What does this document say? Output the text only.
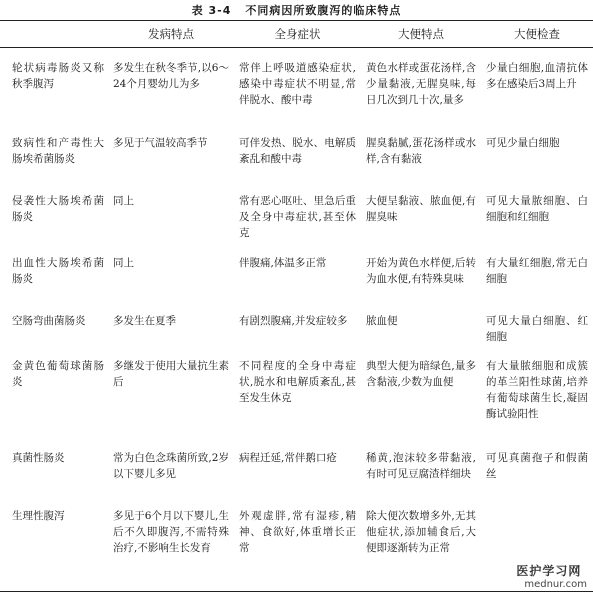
表 3-4 不同病因所致腹泻的临床特点
	发病特点	全身症状	大便特点	大便检查
轮状病毒肠炎又称秋季腹泻	多发生在秋冬季节,以6～24个月婴幼儿为多	常伴上呼吸道感染症状,感染中毒症状不明显,常伴脱水、酸中毒	黄色水样或蛋花汤样,含少量黏液,无腥臭味,每日几次到几十次,量多	少量白细胞,血清抗体多在感染后3周上升
致病性和产毒性大肠埃希菌肠炎	多见于气温较高季节	可伴发热、脱水、电解质紊乱和酸中毒	腥臭黏腻,蛋花汤样或水样,含有黏液	可见少量白细胞
侵袭性大肠埃希菌肠炎	同上	常有恶心呕吐、里急后重及全身中毒症状,甚至休克	大便呈黏液、脓血便,有腥臭味	可见大量脓细胞、白细胞和红细胞
出血性大肠埃希菌肠炎	同上	伴腹痛,体温多正常	开始为黄色水样便,后转为血水便,有特殊臭味	有大量红细胞,常无白细胞
空肠弯曲菌肠炎	多发生在夏季	有剧烈腹痛,并发症较多	脓血便	可见大量白细胞、红细胞
金黄色葡萄球菌肠炎	多继发于使用大量抗生素后	不同程度的全身中毒症状,脱水和电解质紊乱,甚至发生休克	典型大便为暗绿色,量多含黏液,少数为血便	有大量脓细胞和成簇的革兰阳性球菌,培养有葡萄球菌生长,凝固酶试验阳性
真菌性肠炎	常为白色念珠菌所致,2岁以下婴儿多见	病程迁延,常伴鹅口疮	稀黄,泡沫较多带黏液,有时可见豆腐渣样细块	可见真菌孢子和假菌丝
生理性腹泻	多见于6个月以下婴儿,生后不久即腹泻,不需特殊治疗,不影响生长发育	外观虚胖,常有湿疹,精神、食欲好,体重增长正常	除大便次数增多外,无其他症状,添加辅食后,大便即逐渐转为正常	
医护学习网
mednur.com
